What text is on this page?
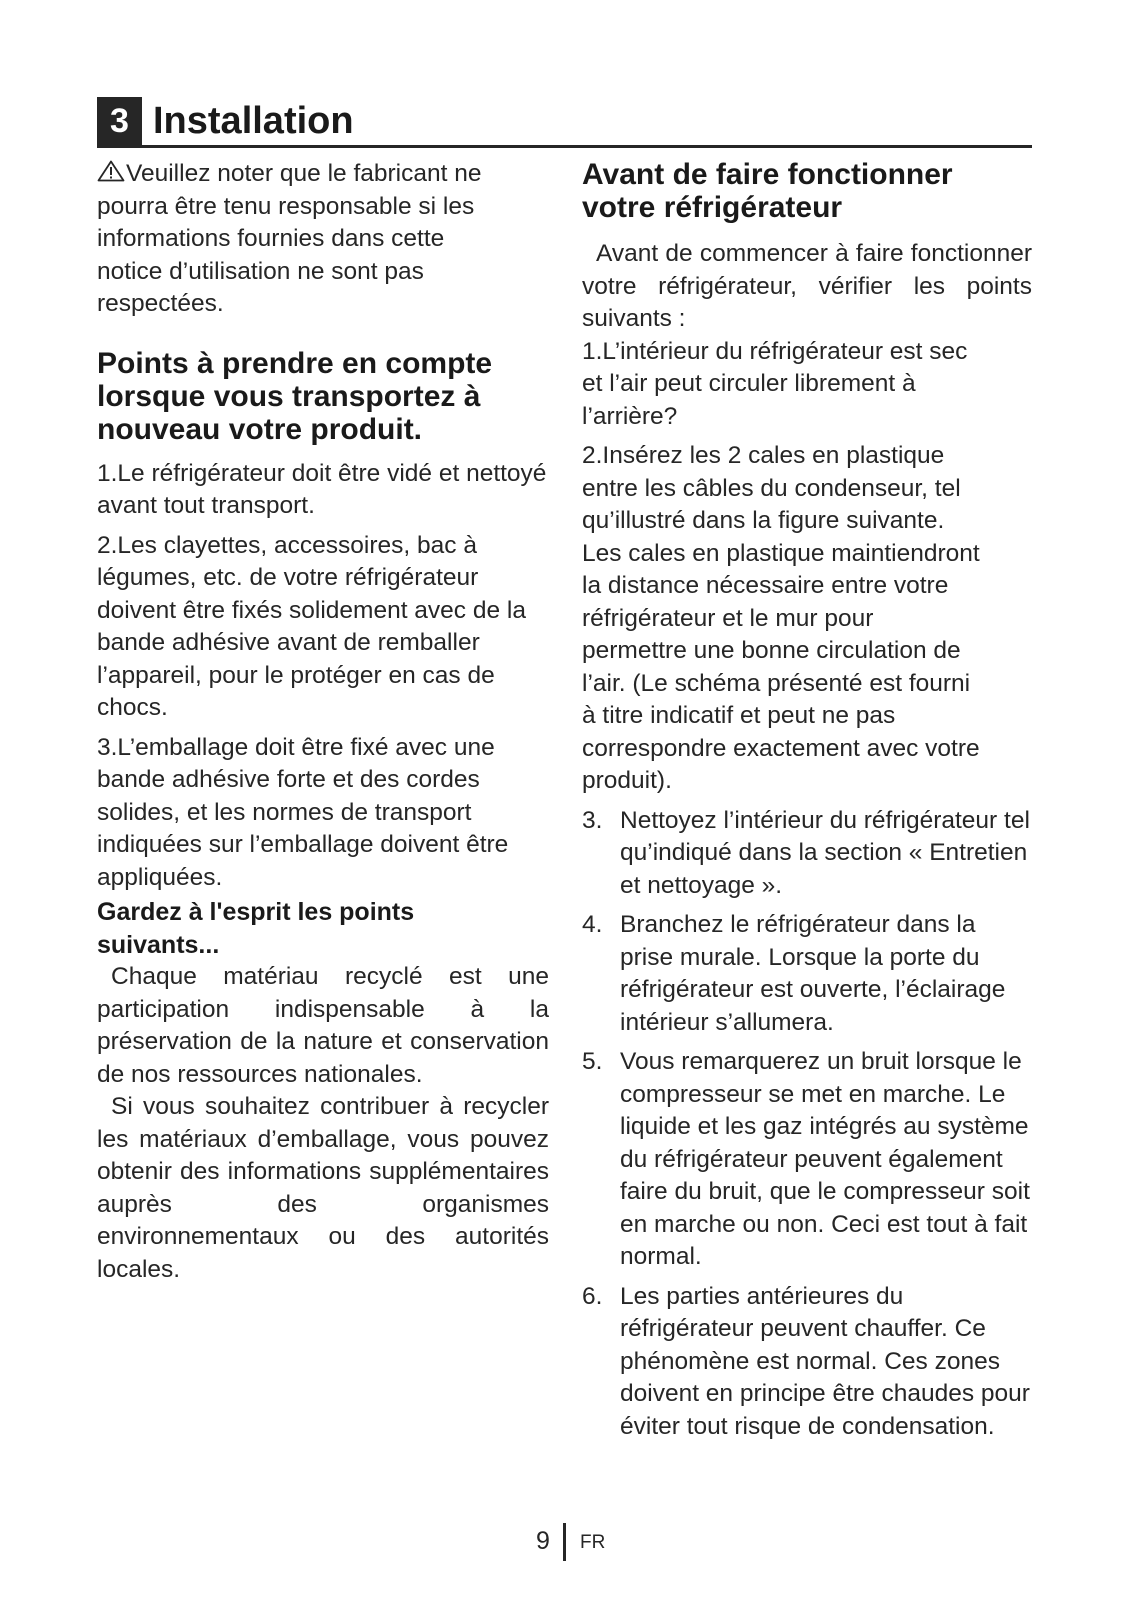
3 Installation

Veuillez noter que le fabricant ne pourra être tenu responsable si les informations fournies dans cette notice d’utilisation ne sont pas respectées.

Points à prendre en compte lorsque vous transportez à nouveau votre produit.

1.Le réfrigérateur doit être vidé et nettoyé avant tout transport.

2.Les clayettes, accessoires, bac à légumes, etc. de votre réfrigérateur doivent être fixés solidement avec de la bande adhésive avant de remballer l’appareil, pour le protéger en cas de chocs.

3.L’emballage doit être fixé avec une bande adhésive forte et des cordes solides, et les normes de transport indiquées sur l’emballage doivent être appliquées.

Gardez à l'esprit les points suivants...

Chaque matériau recyclé est une participation indispensable à la préservation de la nature et conservation de nos ressources nationales.

Si vous souhaitez contribuer à recycler les matériaux d’emballage, vous pouvez obtenir des informations supplémentaires auprès des organismes environnementaux ou des autorités locales.

Avant de faire fonctionner votre réfrigérateur

Avant de commencer à faire fonctionner votre réfrigérateur, vérifier les points suivants :

1.L’intérieur du réfrigérateur est sec et l’air peut circuler librement à l’arrière?

2.Insérez les 2 cales en plastique entre les câbles du condenseur, tel qu’illustré dans la figure suivante. Les cales en plastique maintiendront la distance nécessaire entre votre réfrigérateur et le mur pour permettre une bonne circulation de l’air. (Le schéma présenté est fourni à titre indicatif et peut ne pas correspondre exactement avec votre produit).

3. Nettoyez l’intérieur du réfrigérateur tel qu’indiqué dans la section « Entretien et nettoyage ».
4. Branchez le réfrigérateur dans la prise murale. Lorsque la porte du réfrigérateur est ouverte, l’éclairage intérieur s’allumera.
5. Vous remarquerez un bruit lorsque le compresseur se met en marche. Le liquide et les gaz intégrés au système du réfrigérateur peuvent également faire du bruit, que le compresseur soit en marche ou non. Ceci est tout à fait normal.
6. Les parties antérieures du réfrigérateur peuvent chauffer. Ce phénomène est normal. Ces zones doivent en principe être chaudes pour éviter tout risque de condensation.
9 FR
